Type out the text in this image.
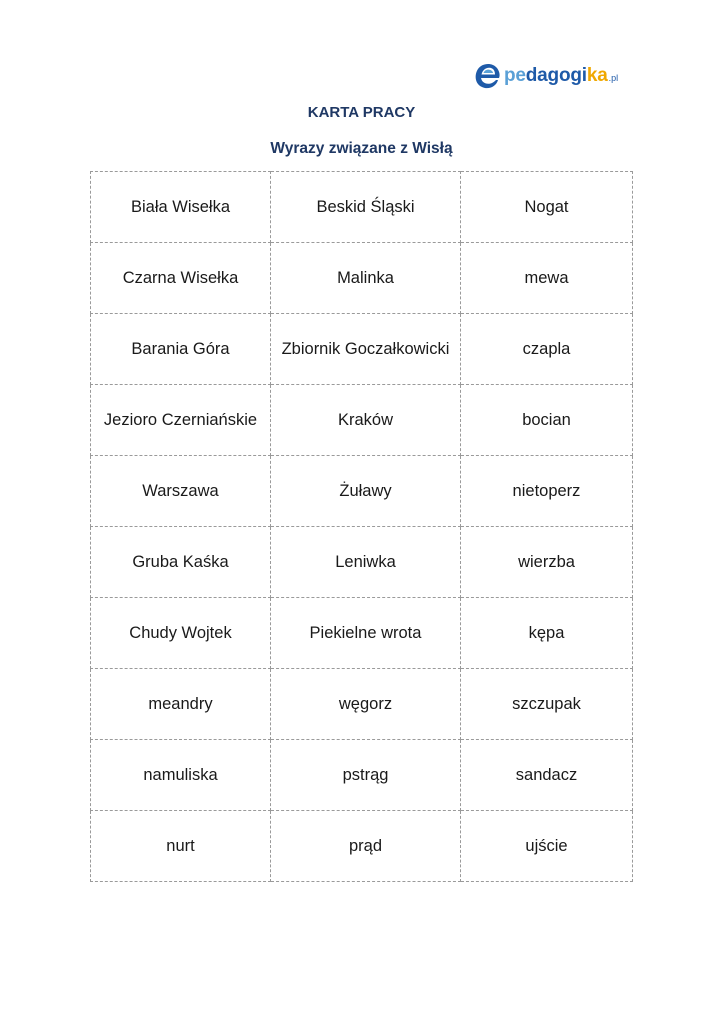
pedagogika .pl
KARTA PRACY
Wyrazy związane z Wisłą
Biała Wisełka	Beskid Śląski	Nogat
Czarna Wisełka	Malinka	mewa
Barania Góra	Zbiornik Goczałkowicki	czapla
Jezioro Czerniańskie	Kraków	bocian
Warszawa	Żuławy	nietoperz
Gruba Kaśka	Leniwka	wierzba
Chudy Wojtek	Piekielne wrota	kępa
meandry	węgorz	szczupak
namuliska	pstrąg	sandacz
nurt	prąd	ujście
